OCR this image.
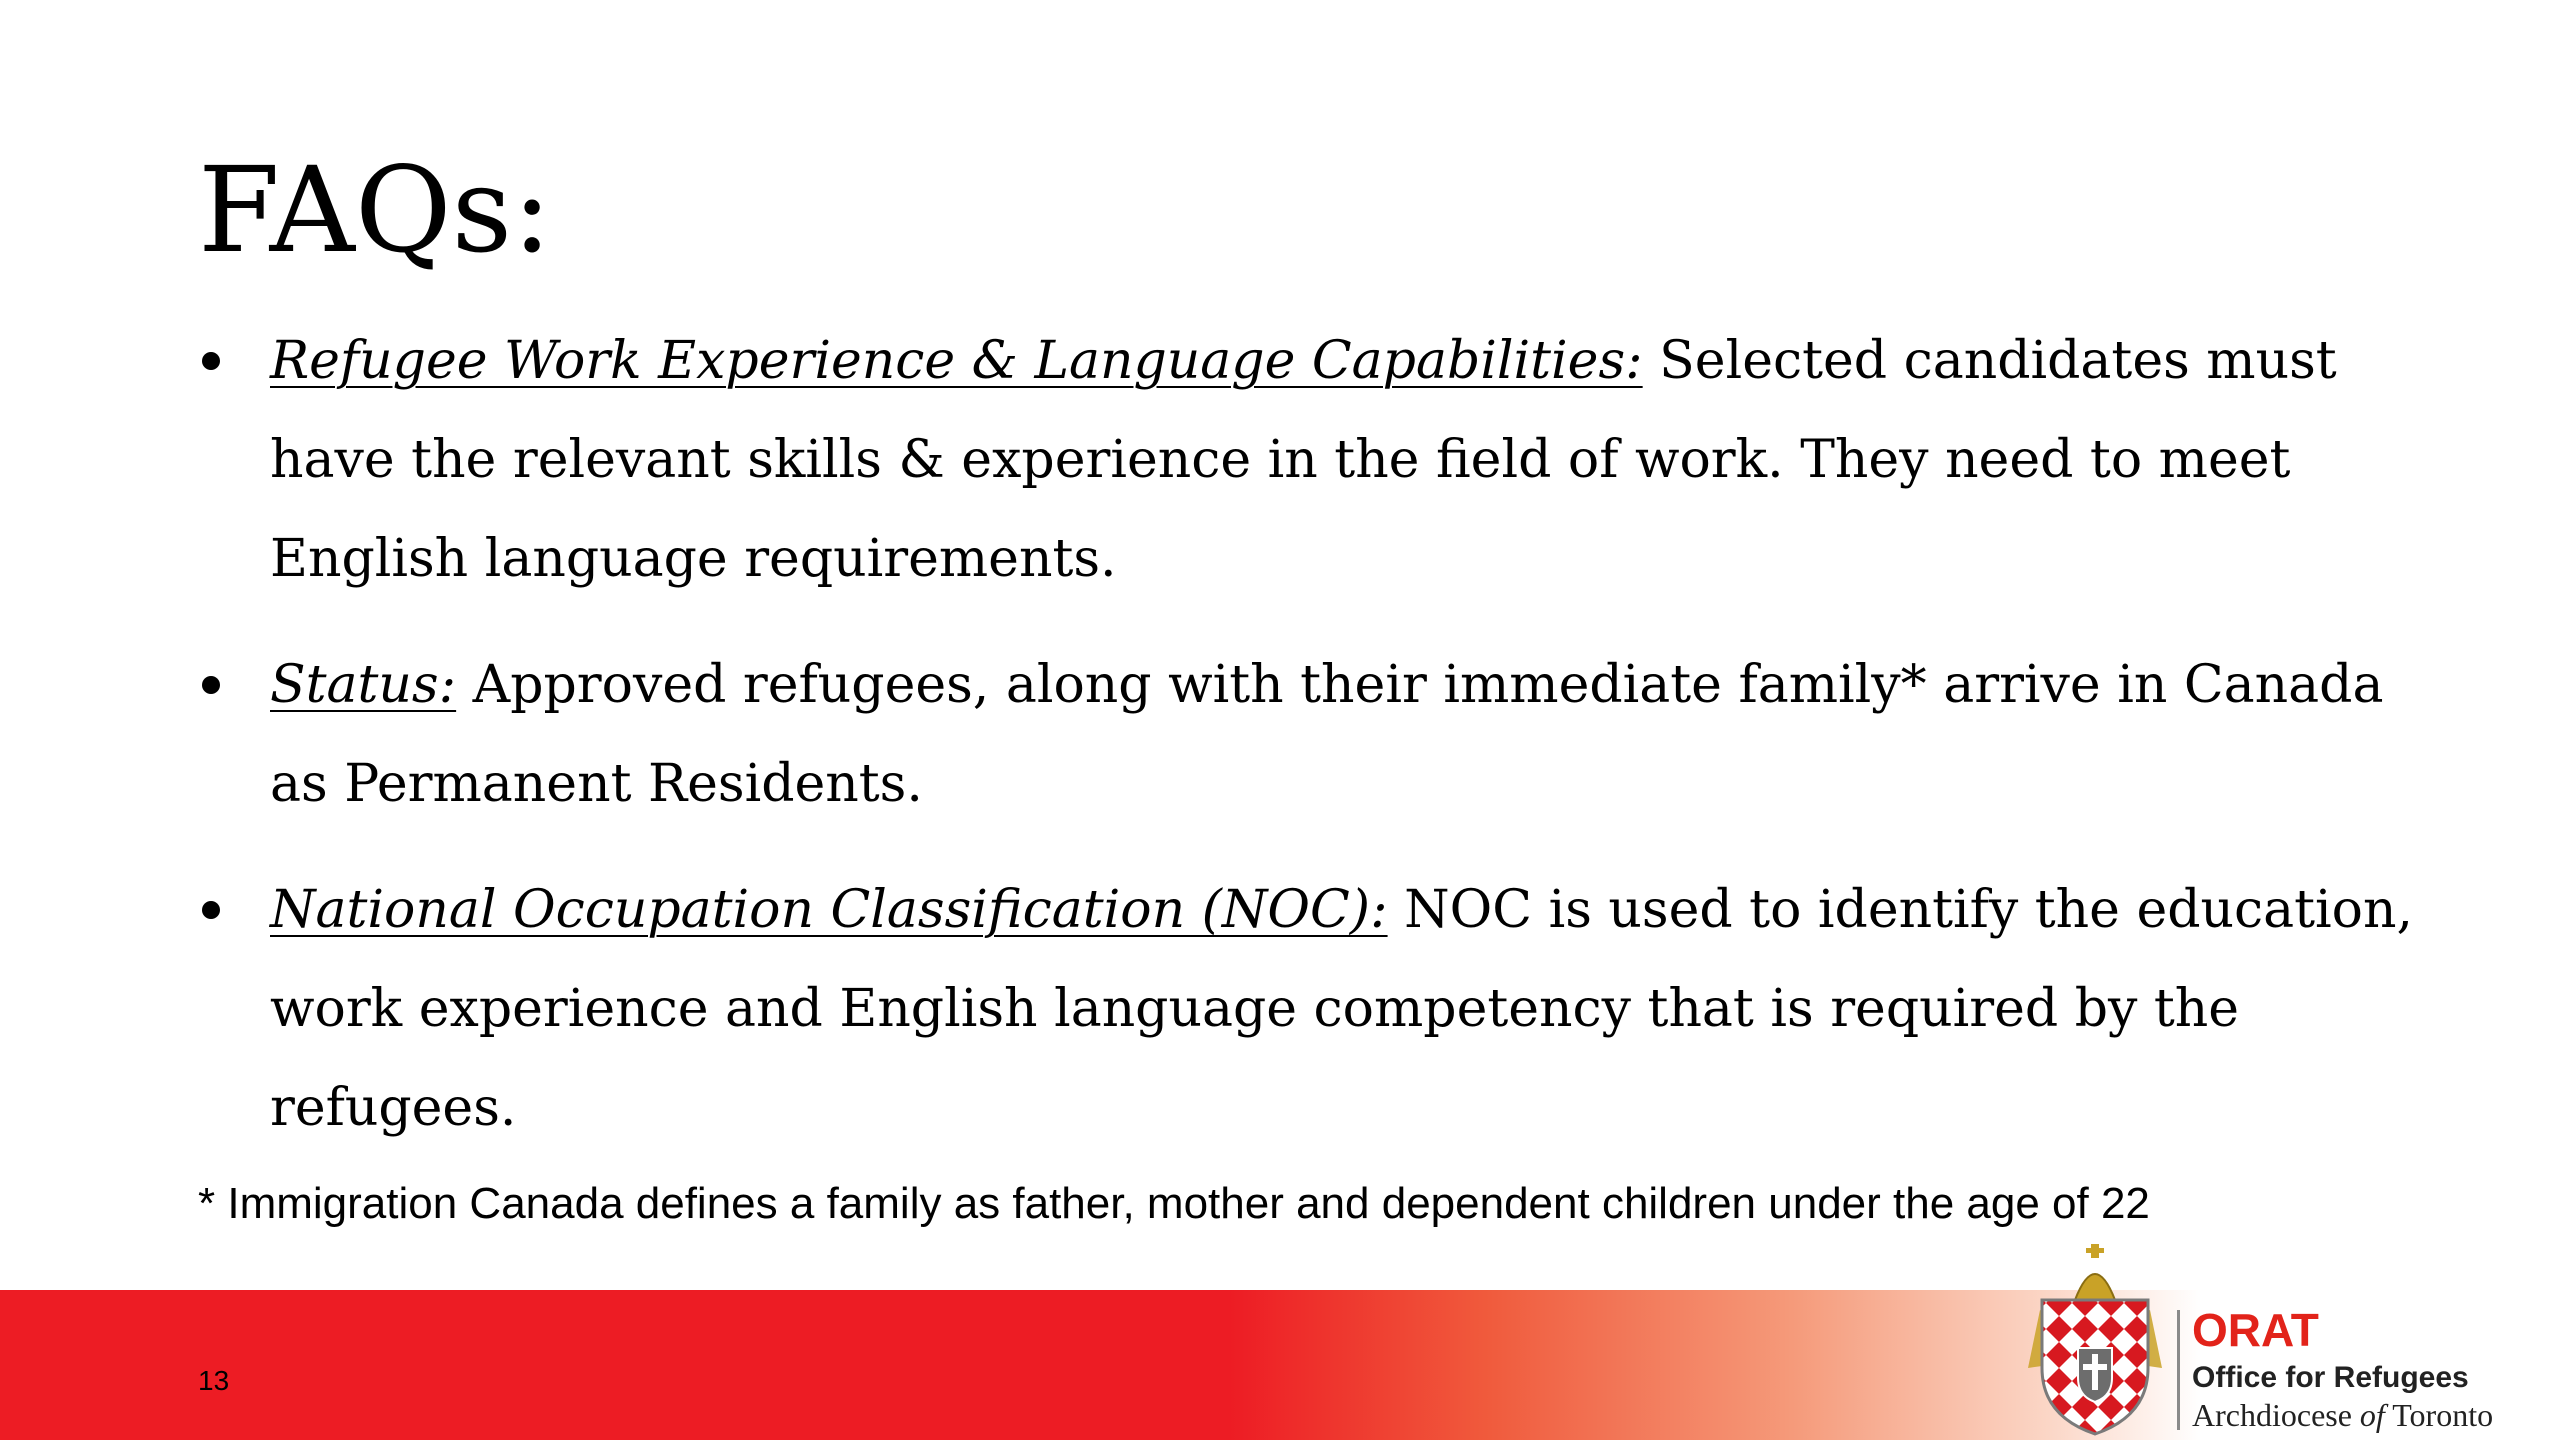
FAQs:
Refugee Work Experience & Language Capabilities: Selected candidates must have the relevant skills & experience in the field of work. They need to meet English language requirements.
Status: Approved refugees, along with their immediate family* arrive in Canada as Permanent Residents.
National Occupation Classification (NOC): NOC is used to identify the education, work experience and English language competency that is required by the refugees.
* Immigration Canada defines a family as father, mother and dependent children under the age of 22
13
ORAT
Office for Refugees
Archdiocese of Toronto
